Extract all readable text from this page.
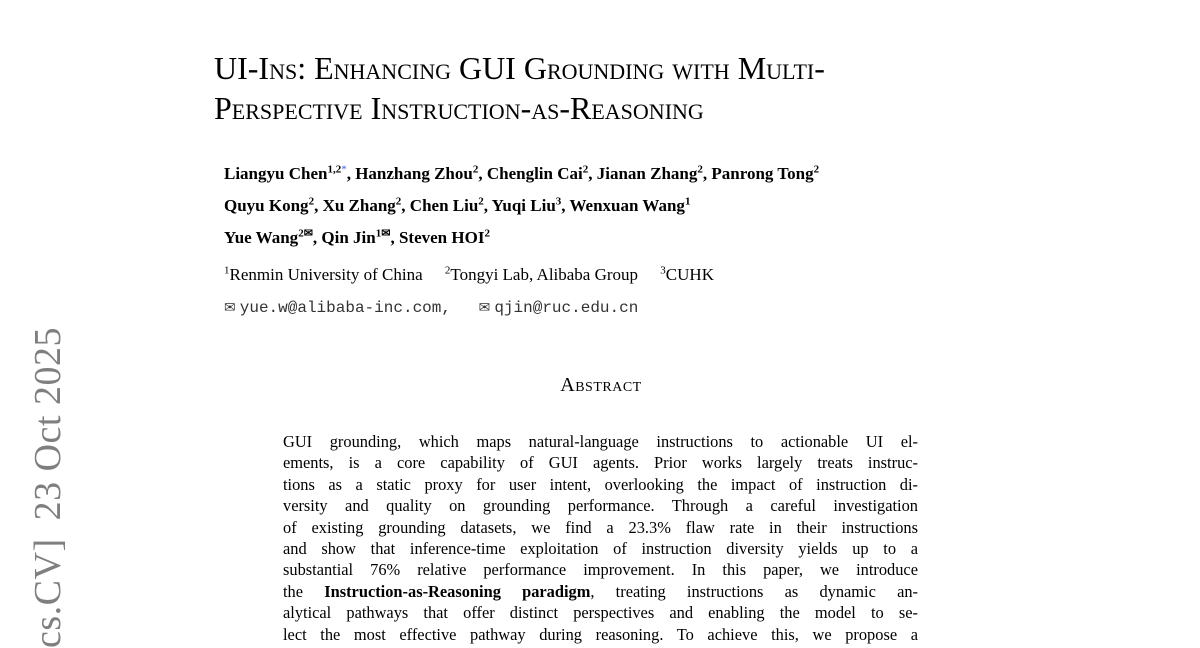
cs.CV]23 Oct 2025
UI-Ins: Enhancing GUI Grounding with Multi-
Perspective Instruction-as-Reasoning
Liangyu Chen$^{1,2*}$, Hanzhang Zhou$^2$, Chenglin Cai$^2$, Jianan Zhang$^2$, Panrong Tong$^2$
Quyu Kong$^2$, Xu Zhang$^2$, Chen Liu$^2$, Yuqi Liu$^3$, Wenxuan Wang$^1$
Yue Wang$^{2✉}$, Qin Jin$^{1✉}$, Steven HOI$^2$
$^1$Renmin University of China $^2$Tongyi Lab, Alibaba Group $^3$CUHK
✉ yue.w@alibaba-inc.com, ✉ qjin@ruc.edu.cn
Abstract
GUI grounding, which maps natural-language instructions to actionable UI el-
ements, is a core capability of GUI agents. Prior works largely treats instruc-
tions as a static proxy for user intent, overlooking the impact of instruction di-
versity and quality on grounding performance. Through a careful investigation
of existing grounding datasets, we find a 23.3% flaw rate in their instructions
and show that inference-time exploitation of instruction diversity yields up to a
substantial 76% relative performance improvement. In this paper, we introduce
the Instruction-as-Reasoning paradigm, treating instructions as dynamic an-
alytical pathways that offer distinct perspectives and enabling the model to se-
lect the most effective pathway during reasoning. To achieve this, we propose a
